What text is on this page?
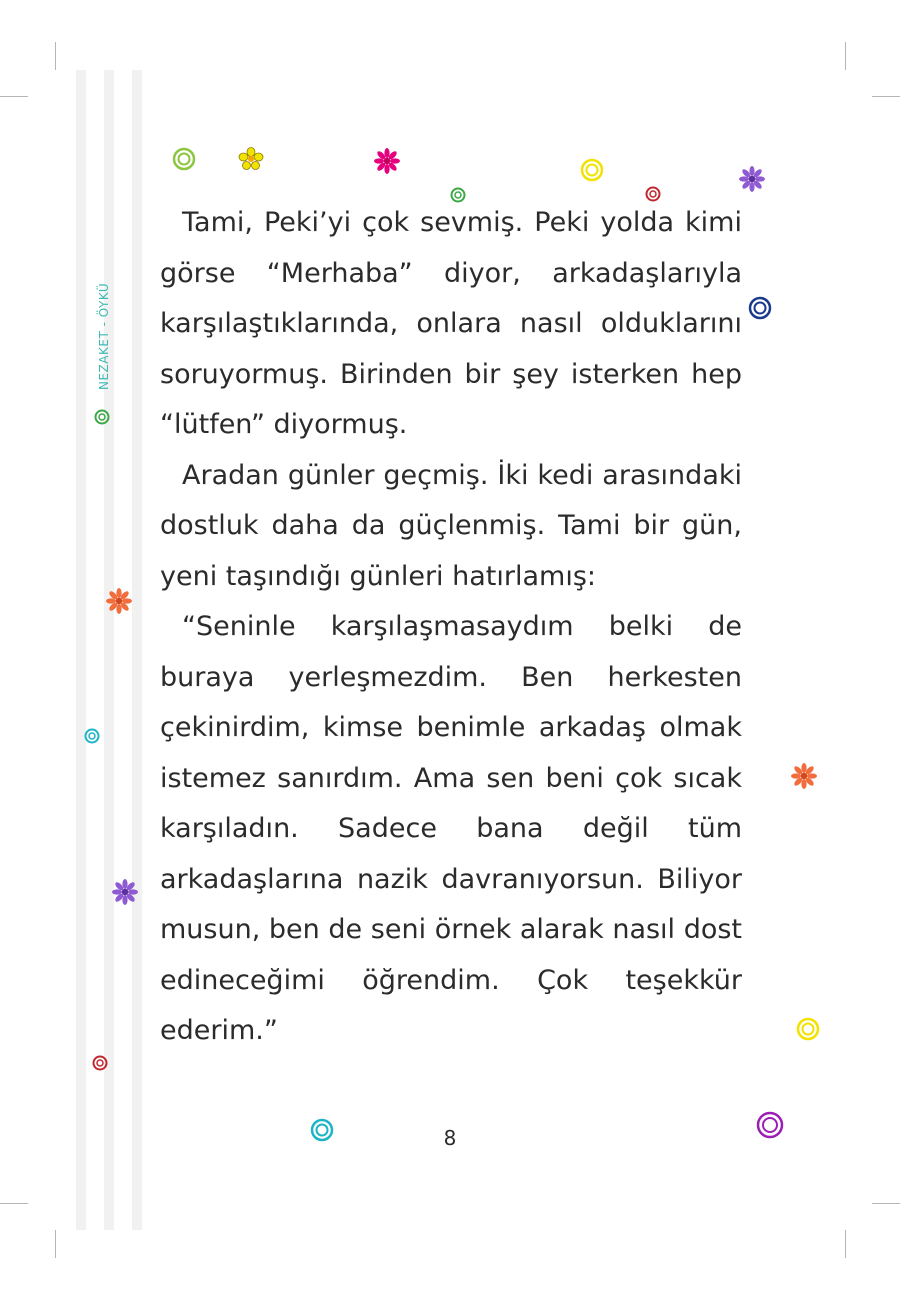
NEZAKET - ÖYKÜ

Tami, Peki’yi çok sevmiş. Peki yolda kimi görse “Merhaba” diyor, arkadaşlarıyla karşılaştıklarında, onlara nasıl olduklarını soruyormuş. Birinden bir şey isterken hep “lütfen” diyormuş.

Aradan günler geçmiş. İki kedi arasındaki dostluk daha da güçlenmiş. Tami bir gün, yeni taşındığı günleri hatırlamış:

“Seninle karşılaşmasaydım belki de buraya yerleşmezdim. Ben herkesten çekinirdim, kimse benimle arkadaş olmak istemez sanırdım. Ama sen beni çok sıcak karşıladın. Sadece bana değil tüm arkadaşlarına nazik davranıyorsun. Biliyor musun, ben de seni örnek alarak nasıl dost edineceğimi öğrendim. Çok teşekkür ederim.”

8
